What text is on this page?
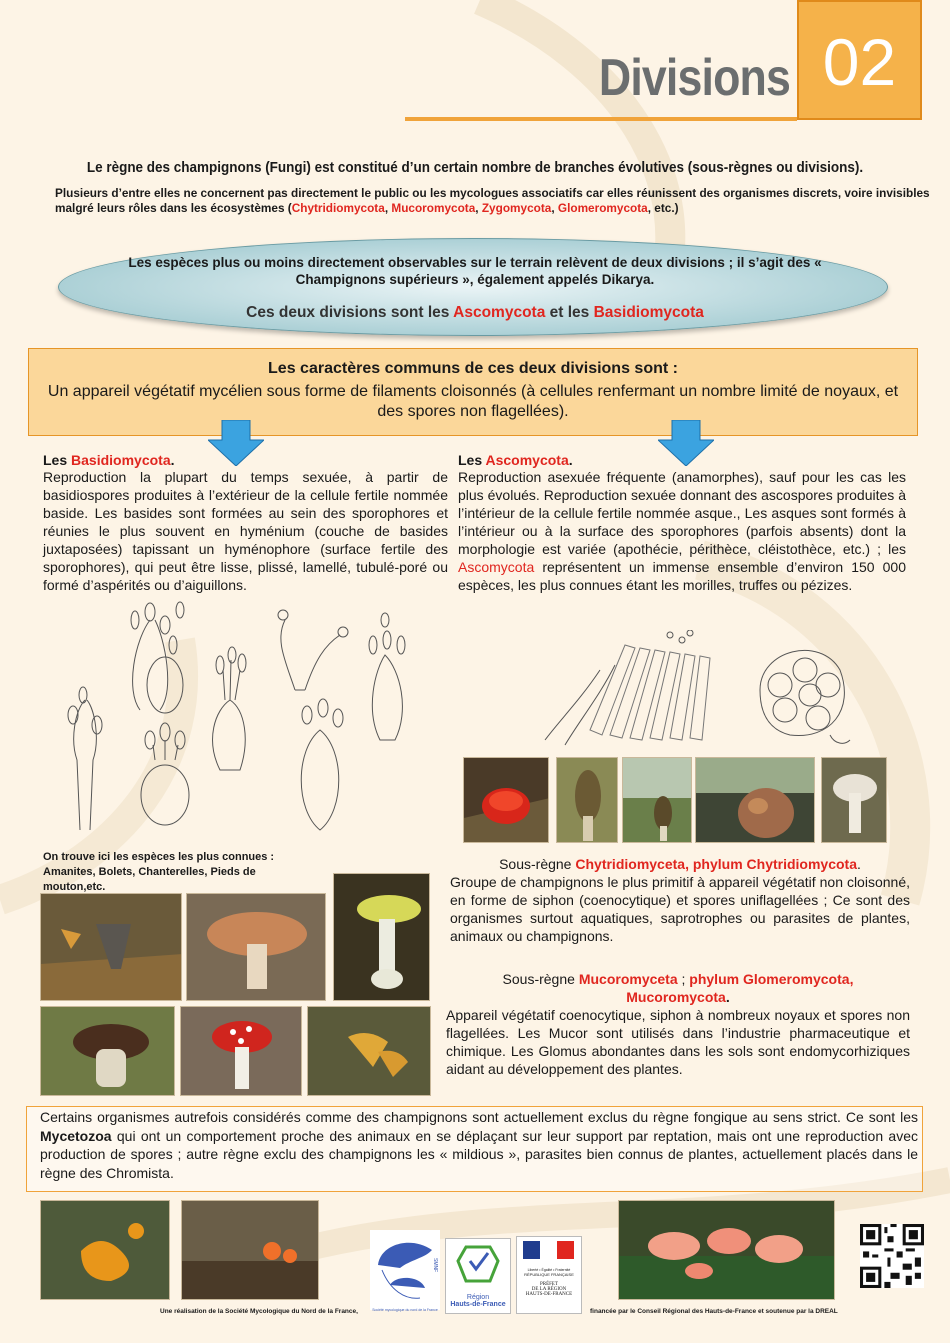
Divisions 02
Le règne des champignons (Fungi) est constitué d’un certain nombre de branches évolutives (sous-règnes ou divisions).
Plusieurs d’entre elles ne concernent pas directement le public ou les mycologues associatifs car elles réunissent des organismes discrets, voire invisibles malgré leurs rôles dans les écosystèmes (Chytridiomycota, Mucoromycota, Zygomycota, Glomeromycota, etc.)
Les espèces plus ou moins directement observables sur le terrain relèvent de deux divisions ; il s’agit des « Champignons supérieurs », également appelés Dikarya.
Ces deux divisions sont les Ascomycota et les Basidiomycota
Les caractères communs de ces deux divisions sont :
Un appareil végétatif mycélien sous forme de filaments cloisonnés (à cellules renfermant un nombre limité de noyaux, et des spores non flagellées).
Les Basidiomycota.
Reproduction la plupart du temps sexuée, à partir de basidiospores produites à l’extérieur de la cellule fertile nommée baside. Les basides sont formées au sein des sporophores et réunies le plus souvent en hyménium (couche de basides juxtaposées) tapissant un hyménophore (surface fertile des sporophores), qui peut être lisse, plissé, lamellé, tubulé-poré ou formé d’aspérités ou d’aiguillons.
Les Ascomycota.
Reproduction asexuée fréquente (anamorphes), sauf pour les cas les plus évolués. Reproduction sexuée donnant des ascospores produites à l’intérieur de la cellule fertile nommée asque., Les asques sont formés à l’intérieur ou à la surface des sporophores (parfois absents) dont la morphologie est variée (apothécie, périthèce, cléistothèce, etc.) ; les Ascomycota représentent un immense ensemble d’environ 150 000 espèces, les plus connues étant les morilles, truffes ou pézizes.
On trouve ici les espèces les plus connues : Amanites, Bolets, Chanterelles, Pieds de mouton,etc.
Sous-règne Chytridiomyceta, phylum Chytridiomycota.
Groupe de champignons le plus primitif à appareil végétatif non cloisonné, en forme de siphon (coenocytique) et spores uniflagellées ; Ce sont des organismes surtout aquatiques, saprotrophes ou parasites de plantes, animaux ou champignons.
Sous-règne Mucoromyceta ; phylum Glomeromycota,
Mucoromycota.
Appareil végétatif coenocytique, siphon à nombreux noyaux et spores non flagellées. Les Mucor sont utilisés dans l’industrie pharmaceutique et chimique. Les Glomus abondantes dans les sols sont endomycorhiziques aidant au développement des plantes.
Certains organismes autrefois considérés comme des champignons sont actuellement exclus du règne fongique au sens strict. Ce sont les Mycetozoa qui ont un comportement proche des animaux en se déplaçant sur leur support par reptation, mais ont une reproduction avec production de spores ; autre règne exclu des champignons les « mildious », parasites bien connus de plantes, actuellement placés dans le règne des Chromista.
SMNF
Société mycologique du nord de la France
Région
Hauts-de-France
Liberté • Égalité • Fraternité
RÉPUBLIQUE FRANÇAISE
PRÉFET
DE LA RÉGION
HAUTS-DE-FRANCE
Une réalisation de la Société Mycologique du Nord de la France,	financée par le Conseil Régional des Hauts-de-France et soutenue par la DREAL
